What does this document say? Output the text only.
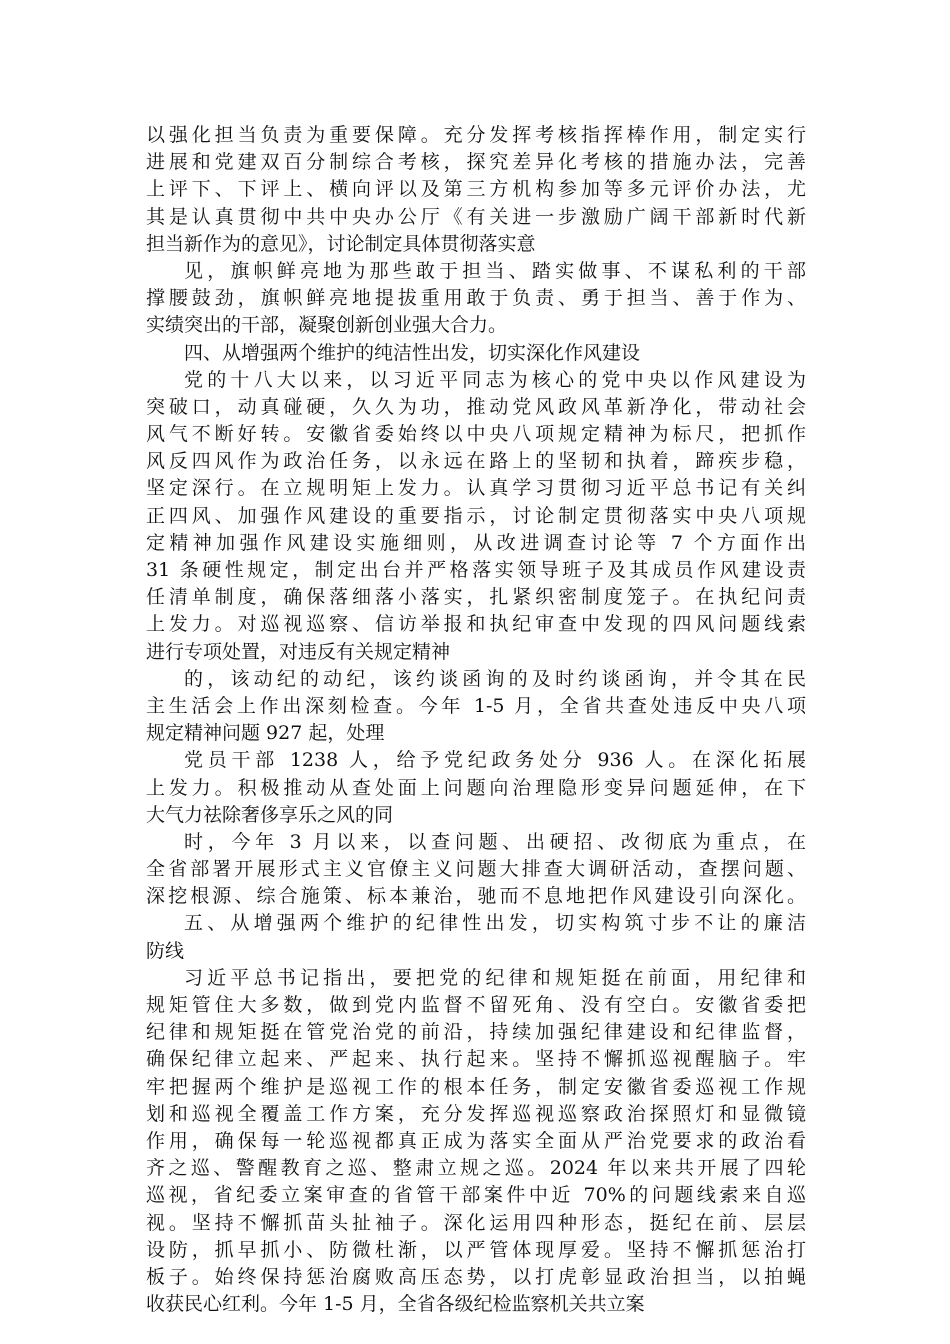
以强化担当负责为重要保障。充分发挥考核指挥棒作用，制定实行
进展和党建双百分制综合考核，探究差异化考核的措施办法，完善
上评下、下评上、横向评以及第三方机构参加等多元评价办法，尤
其是认真贯彻中共中央办公厅《有关进一步激励广阔干部新时代新
担当新作为的意见》，讨论制定具体贯彻落实意
见，旗帜鲜亮地为那些敢于担当、踏实做事、不谋私利的干部
撑腰鼓劲，旗帜鲜亮地提拔重用敢于负责、勇于担当、善于作为、
实绩突出的干部，凝聚创新创业强大合力。
四、从增强两个维护的纯洁性出发，切实深化作风建设
党的十八大以来，以习近平同志为核心的党中央以作风建设为
突破口，动真碰硬，久久为功，推动党风政风革新净化，带动社会
风气不断好转。安徽省委始终以中央八项规定精神为标尺，把抓作
风反四风作为政治任务，以永远在路上的坚韧和执着，蹄疾步稳，
坚定深行。在立规明矩上发力。认真学习贯彻习近平总书记有关纠
正四风、加强作风建设的重要指示，讨论制定贯彻落实中央八项规
定精神加强作风建设实施细则，从改进调查讨论等 7 个方面作出
31 条硬性规定，制定出台并严格落实领导班子及其成员作风建设责
任清单制度，确保落细落小落实，扎紧织密制度笼子。在执纪问责
上发力。对巡视巡察、信访举报和执纪审查中发现的四风问题线索
进行专项处置，对违反有关规定精神
的，该动纪的动纪，该约谈函询的及时约谈函询，并令其在民
主生活会上作出深刻检查。今年 1-5 月，全省共查处违反中央八项
规定精神问题 927 起，处理
党员干部 1238 人，给予党纪政务处分 936 人。在深化拓展
上发力。积极推动从查处面上问题向治理隐形变异问题延伸，在下
大气力祛除奢侈享乐之风的同
时，今年 3 月以来，以查问题、出硬招、改彻底为重点，在
全省部署开展形式主义官僚主义问题大排查大调研活动，查摆问题、
深挖根源、综合施策、标本兼治，驰而不息地把作风建设引向深化。
五、从增强两个维护的纪律性出发，切实构筑寸步不让的廉洁
防线
习近平总书记指出，要把党的纪律和规矩挺在前面，用纪律和
规矩管住大多数，做到党内监督不留死角、没有空白。安徽省委把
纪律和规矩挺在管党治党的前沿，持续加强纪律建设和纪律监督，
确保纪律立起来、严起来、执行起来。坚持不懈抓巡视醒脑子。牢
牢把握两个维护是巡视工作的根本任务，制定安徽省委巡视工作规
划和巡视全覆盖工作方案，充分发挥巡视巡察政治探照灯和显微镜
作用，确保每一轮巡视都真正成为落实全面从严治党要求的政治看
齐之巡、警醒教育之巡、整肃立规之巡。2024 年以来共开展了四轮
巡视，省纪委立案审查的省管干部案件中近 70%的问题线索来自巡
视。坚持不懈抓苗头扯袖子。深化运用四种形态，挺纪在前、层层
设防，抓早抓小、防微杜渐，以严管体现厚爱。坚持不懈抓惩治打
板子。始终保持惩治腐败高压态势，以打虎彰显政治担当，以拍蝇
收获民心红利。今年 1-5 月，全省各级纪检监察机关共立案
